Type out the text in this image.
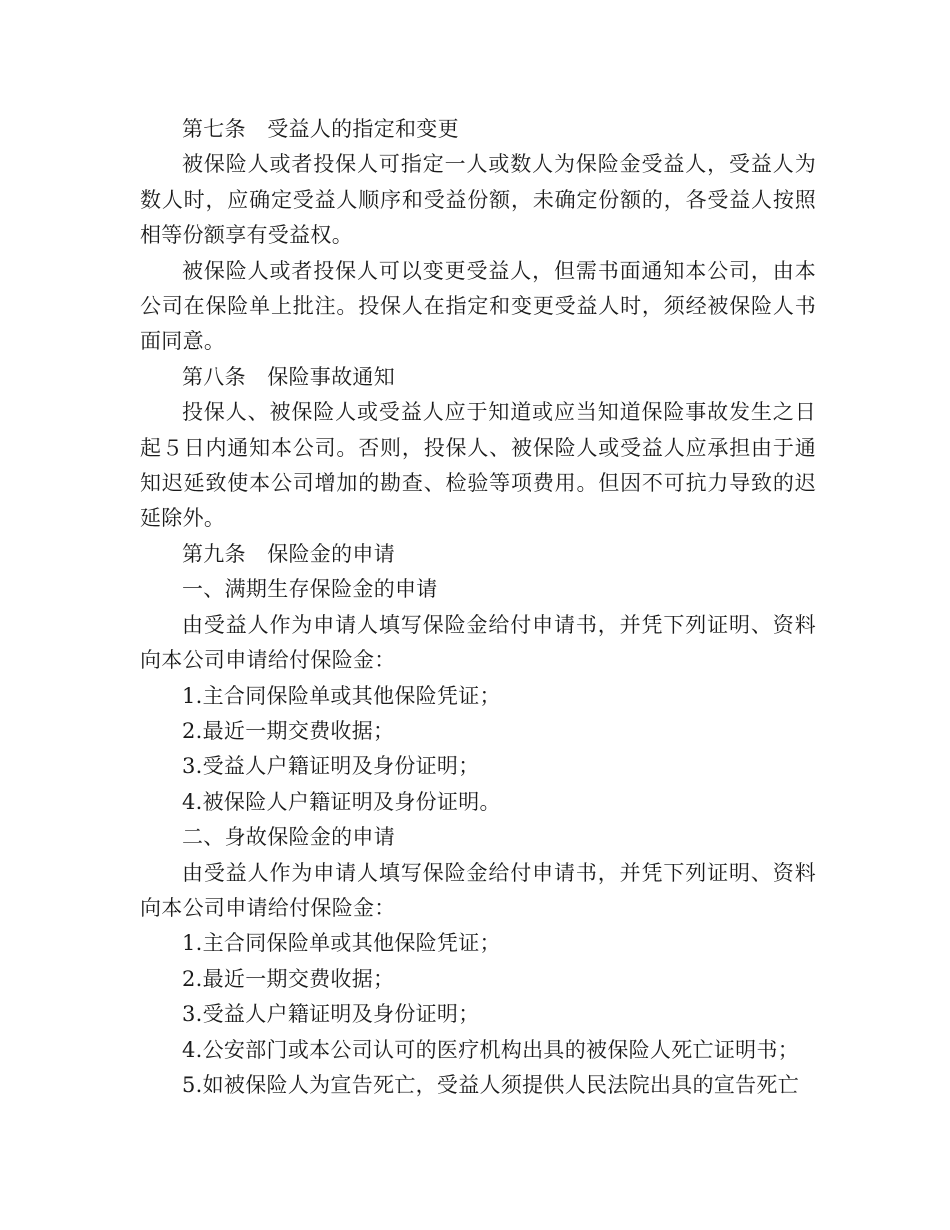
第七条　受益人的指定和变更

被保险人或者投保人可指定一人或数人为保险金受益人，受益人为数人时，应确定受益人顺序和受益份额，未确定份额的，各受益人按照相等份额享有受益权。

被保险人或者投保人可以变更受益人，但需书面通知本公司，由本公司在保险单上批注。投保人在指定和变更受益人时，须经被保险人书面同意。

第八条　保险事故通知

投保人、被保险人或受益人应于知道或应当知道保险事故发生之日起５日内通知本公司。否则，投保人、被保险人或受益人应承担由于通知迟延致使本公司增加的勘查、检验等项费用。但因不可抗力导致的迟延除外。

第九条　保险金的申请

一、满期生存保险金的申请

由受益人作为申请人填写保险金给付申请书，并凭下列证明、资料向本公司申请给付保险金：

1.主合同保险单或其他保险凭证；

2.最近一期交费收据；

3.受益人户籍证明及身份证明；

4.被保险人户籍证明及身份证明。

二、身故保险金的申请

由受益人作为申请人填写保险金给付申请书，并凭下列证明、资料向本公司申请给付保险金：

1.主合同保险单或其他保险凭证；

2.最近一期交费收据；

3.受益人户籍证明及身份证明；

4.公安部门或本公司认可的医疗机构出具的被保险人死亡证明书；

5.如被保险人为宣告死亡，受益人须提供人民法院出具的宣告死亡
